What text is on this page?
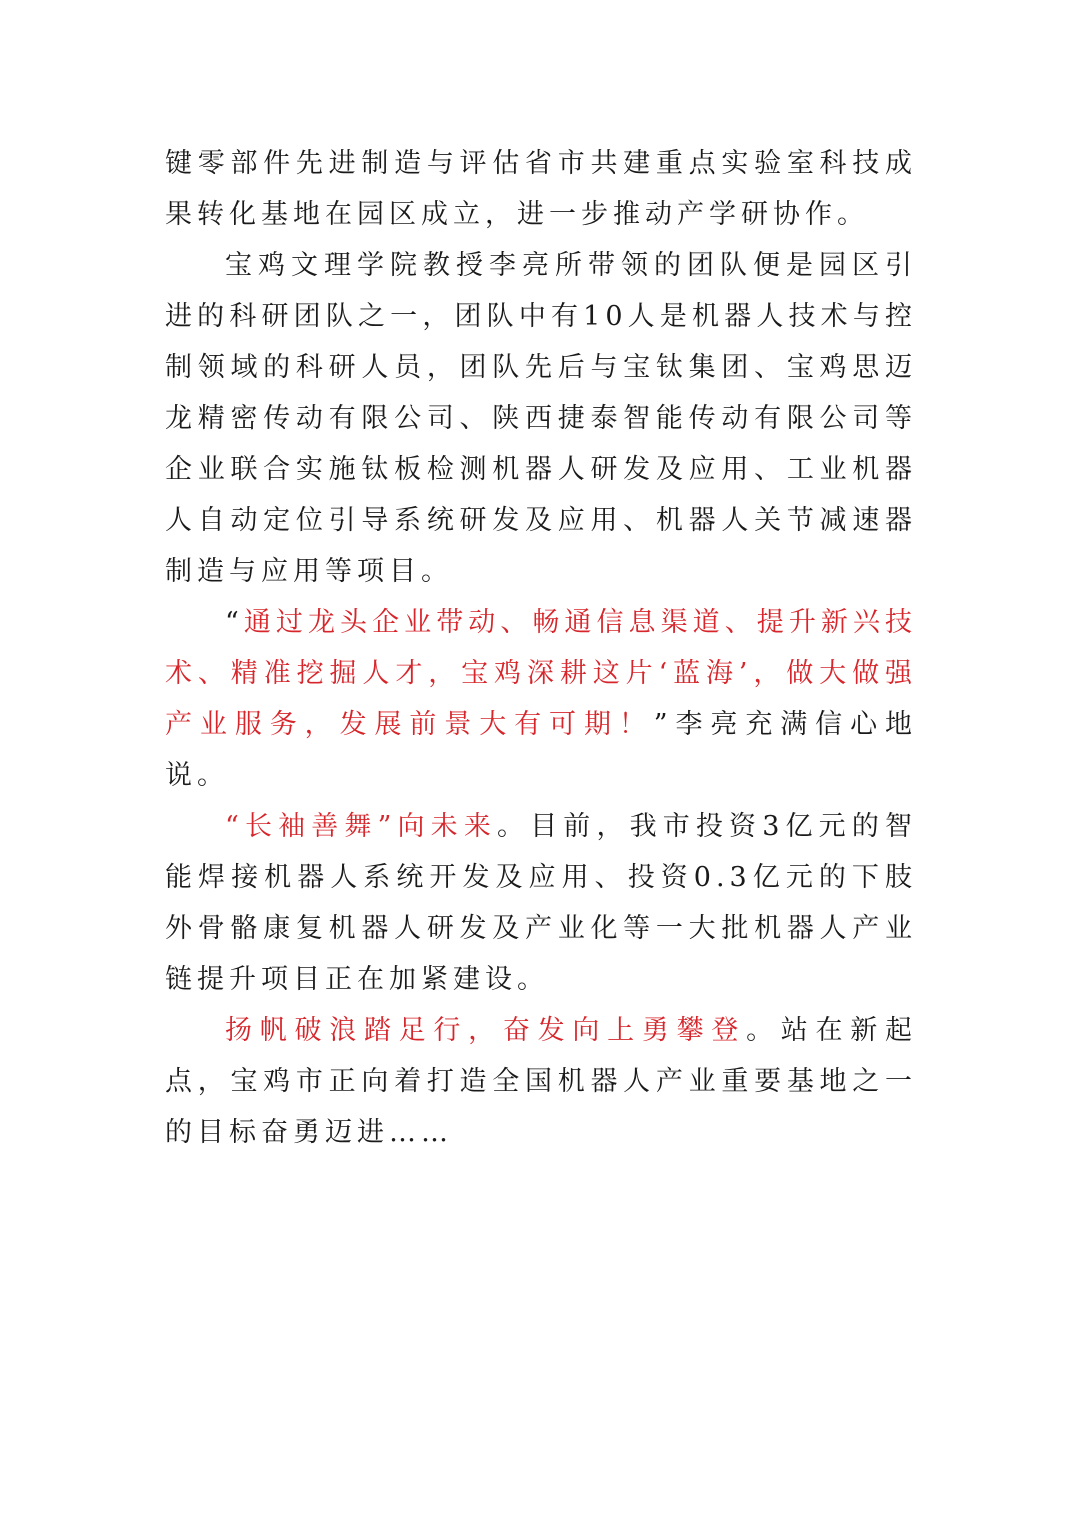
键零部件先进制造与评估省市共建重点实验室科技成果转化基地在园区成立，进一步推动产学研协作。

宝鸡文理学院教授李亮所带领的团队便是园区引进的科研团队之一，团队中有10人是机器人技术与控制领域的科研人员，团队先后与宝钛集团、宝鸡思迈龙精密传动有限公司、陕西捷泰智能传动有限公司等企业联合实施钛板检测机器人研发及应用、工业机器人自动定位引导系统研发及应用、机器人关节减速器制造与应用等项目。

“通过龙头企业带动、畅通信息渠道、提升新兴技术、精准挖掘人才，宝鸡深耕这片‘蓝海’，做大做强产业服务，发展前景大有可期！”李亮充满信心地说。

“长袖善舞”向未来。目前，我市投资3亿元的智能焊接机器人系统开发及应用、投资0.3亿元的下肢外骨骼康复机器人研发及产业化等一大批机器人产业链提升项目正在加紧建设。

扬帆破浪踏足行，奋发向上勇攀登。站在新起点，宝鸡市正向着打造全国机器人产业重要基地之一的目标奋勇迈进……
